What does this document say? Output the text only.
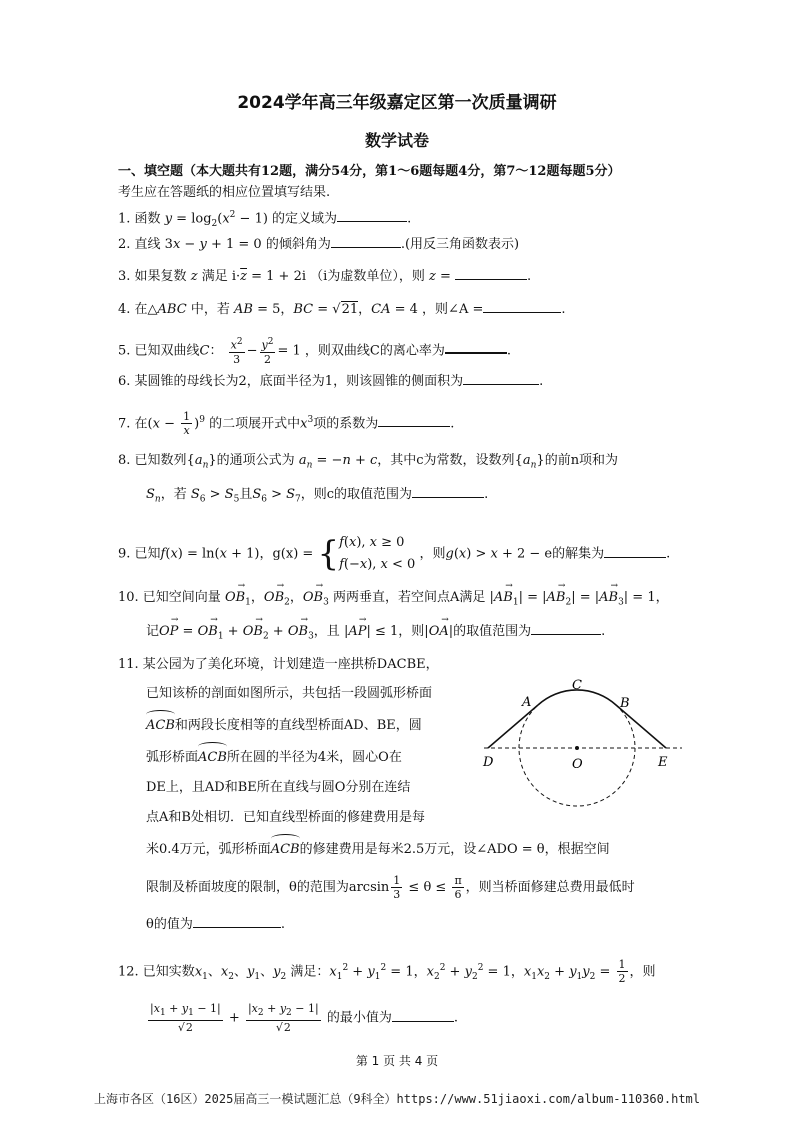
2024学年高三年级嘉定区第一次质量调研
数学试卷
一、填空题（本大题共有12题，满分54分，第1～6题每题4分，第7～12题每题5分）
考生应在答题纸的相应位置填写结果.
1. 函数 $y = \log_2(x^2 - 1)$ 的定义域为	.
2. 直线 3x − y + 1 = 0 的倾斜角为	.(用反三角函数表示)
3. 如果复数 z 满足 $i\cdot\overline{z} = 1 + 2i$ （i为虚数单位），则 z =	.
4. 在△ABC 中，若 AB = 5，BC = √21，CA = 4 ，则∠A =	.
5. 已知双曲线C： $\frac{x^2}{3} - \frac{y^2}{2} = 1$ ，则双曲线C的离心率为	.
6. 某圆锥的母线长为2，底面半径为1，则该圆锥的侧面积为	.
7. 在$(x - \frac{1}{x} )^9$ 的二项展开式中$x^3$项的系数为	.
8. 已知数列$\{a_n\}$的通项公式为 $a_n = -n + c$，其中c为常数，设数列$\{a_n\}$的前n项和为
$S_n$，若 $S_6 > S_5$且$S_6 > S_7$，则c的取值范围为	.
9. 已知f(x) = ln(x + 1)，g(x) = {f(x), x ≥ 0
f(−x), x < 0 ，则g(x) > x + 2 − e的解集为	.
10. 已知空间向量 → $OB_1$，→ $OB_2$，→ $OB_3$ 两两垂直，若空间点A满足 |→ $AB_1|$ = |→ $AB_2|$ = |→ $AB_3| = 1$，
记→ OP = → $OB_1$ + → $OB_2$ + → $OB_3$，且 |→ AP| ≤ 1，则|→ OA|的取值范围为	.
11. 某公园为了美化环境，计划建造一座拱桥DACBE，
已知该桥的剖面如图所示，共包括一段圆弧形桥面
ACB和两段长度相等的直线型桥面AD、BE，圆
弧形桥面ACB所在圆的半径为4米，圆心O在
DE上，且AD和BE所在直线与圆O分别在连结
点A和B处相切．已知直线型桥面的修建费用是每
米0.4万元，弧形桥面ACB的修建费用是每米2.5万元，设∠ADO = θ，根据空间
限制及桥面坡度的限制，θ的范围为$\arcsin \frac{1}{3} \le \theta \le \frac{\pi}{6}$ ，则当桥面修建总费用最低时
θ的值为	.
A
C
B
D	O	E
12. 已知实数$x_1$、$x_2$、$y_1$、$y_2$ 满足：$x_1^2 + y_1^2 = 1$，$x_2^2 + y_2^2 = 1$，$x_1x_2 + y_1y_2 = \frac{1}{2}$ ，则
$\frac{|x_1 + y_1 - 1|}{√2} + \frac{|x_2 + y_2 - 1|}{√2}$ 的最小值为	.
第 1 页 共 4 页
上海市各区（16区）2025届高三一模试题汇总（9科全）https://www.51jiaoxi.com/album-110360.html
